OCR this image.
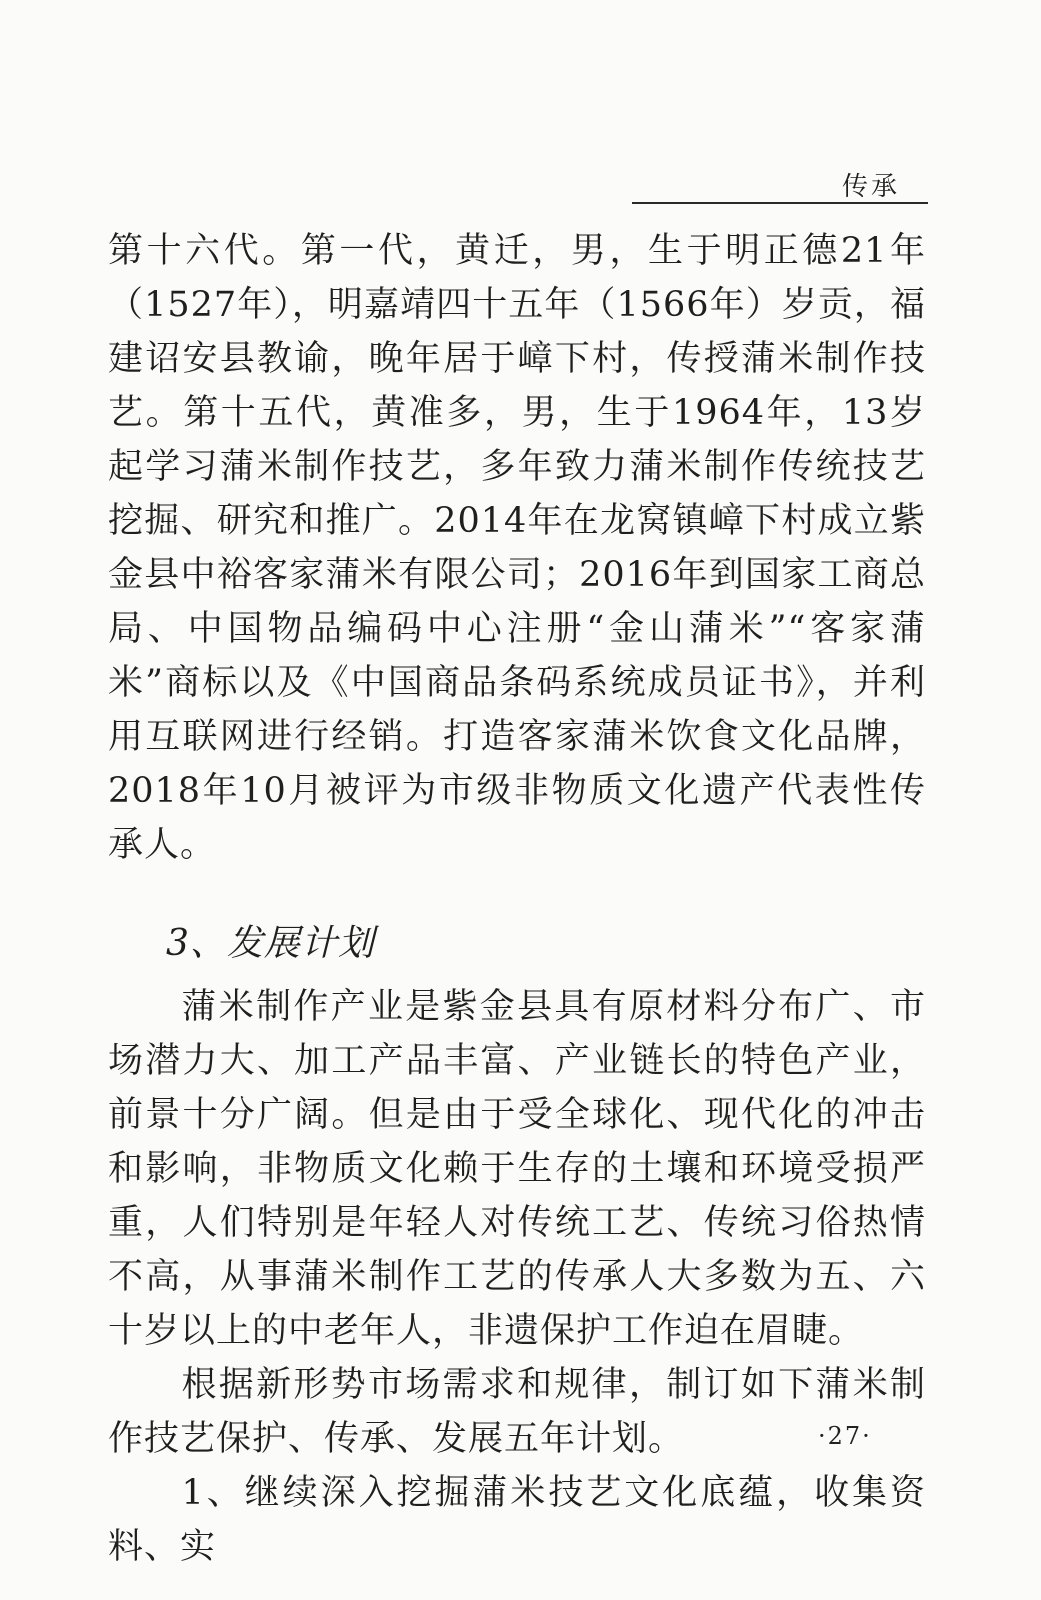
传承

第十六代。第一代，黄迁，男，生于明正德21年（1527年），明嘉靖四十五年（1566年）岁贡，福建诏安县教谕，晚年居于嶂下村，传授蒲米制作技艺。第十五代，黄准多，男，生于1964年，13岁起学习蒲米制作技艺，多年致力蒲米制作传统技艺挖掘、研究和推广。2014年在龙窝镇嶂下村成立紫金县中裕客家蒲米有限公司；2016年到国家工商总局、中国物品编码中心注册“金山蒲米”“客家蒲米”商标以及《中国商品条码系统成员证书》，并利用互联网进行经销。打造客家蒲米饮食文化品牌，2018年10月被评为市级非物质文化遗产代表性传承人。

3、发展计划

蒲米制作产业是紫金县具有原材料分布广、市场潜力大、加工产品丰富、产业链长的特色产业，前景十分广阔。但是由于受全球化、现代化的冲击和影响，非物质文化赖于生存的土壤和环境受损严重，人们特别是年轻人对传统工艺、传统习俗热情不高，从事蒲米制作工艺的传承人大多数为五、六十岁以上的中老年人，非遗保护工作迫在眉睫。

根据新形势市场需求和规律，制订如下蒲米制作技艺保护、传承、发展五年计划。

1、继续深入挖掘蒲米技艺文化底蕴，收集资料、实

·27·
